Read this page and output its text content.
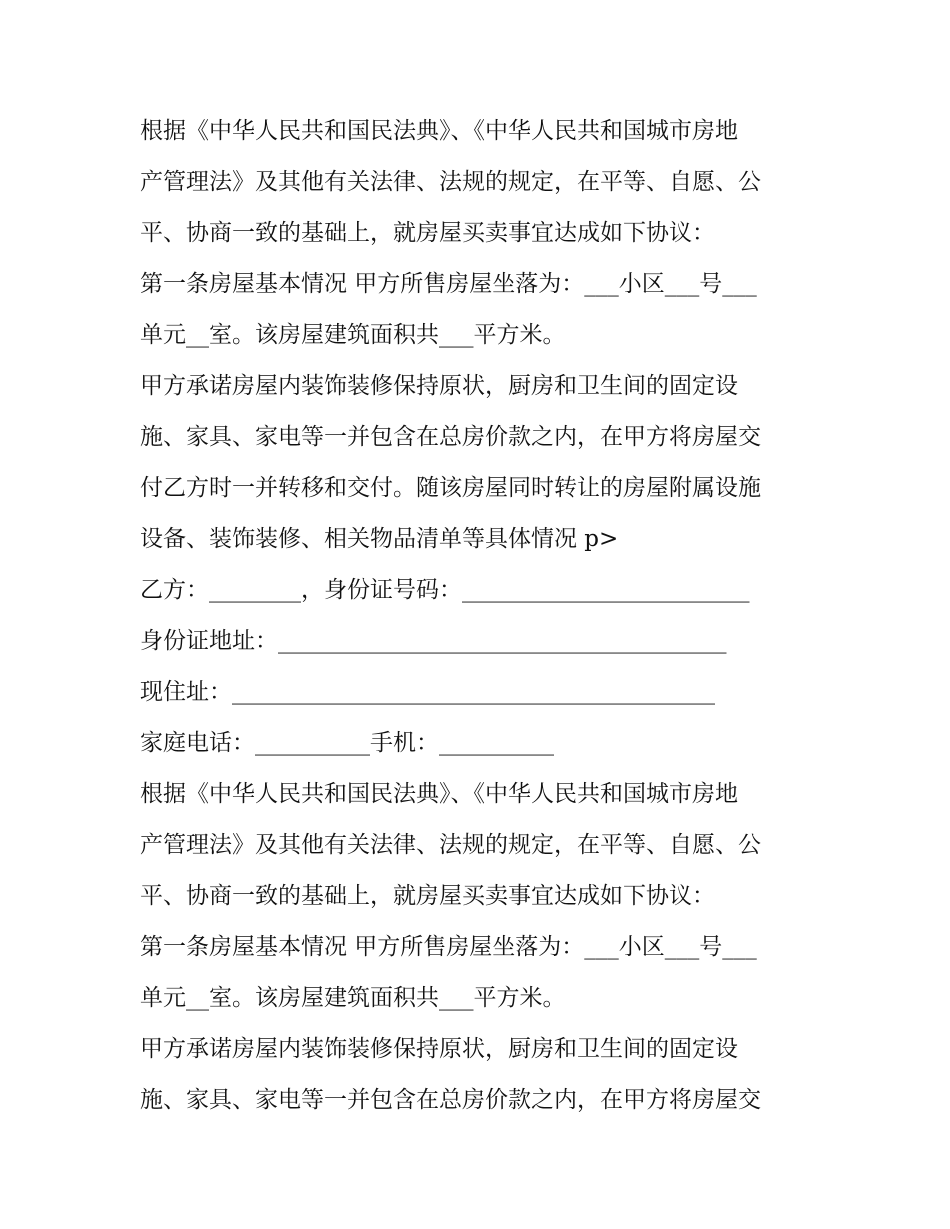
根据《中华人民共和国民法典》、《中华人民共和国城市房地
产管理法》及其他有关法律、法规的规定，在平等、自愿、公
平、协商一致的基础上，就房屋买卖事宜达成如下协议：
第一条房屋基本情况 甲方所售房屋坐落为：___小区___号___
单元__室。该房屋建筑面积共___平方米。
甲方承诺房屋内装饰装修保持原状，厨房和卫生间的固定设
施、家具、家电等一并包含在总房价款之内，在甲方将房屋交
付乙方时一并转移和交付。随该房屋同时转让的房屋附属设施
设备、装饰装修、相关物品清单等具体情况 p>
乙方：________，身份证号码：_________________________
身份证地址：_______________________________________
现住址：__________________________________________
家庭电话：__________手机：__________
根据《中华人民共和国民法典》、《中华人民共和国城市房地
产管理法》及其他有关法律、法规的规定，在平等、自愿、公
平、协商一致的基础上，就房屋买卖事宜达成如下协议：
第一条房屋基本情况 甲方所售房屋坐落为：___小区___号___
单元__室。该房屋建筑面积共___平方米。
甲方承诺房屋内装饰装修保持原状，厨房和卫生间的固定设
施、家具、家电等一并包含在总房价款之内，在甲方将房屋交
